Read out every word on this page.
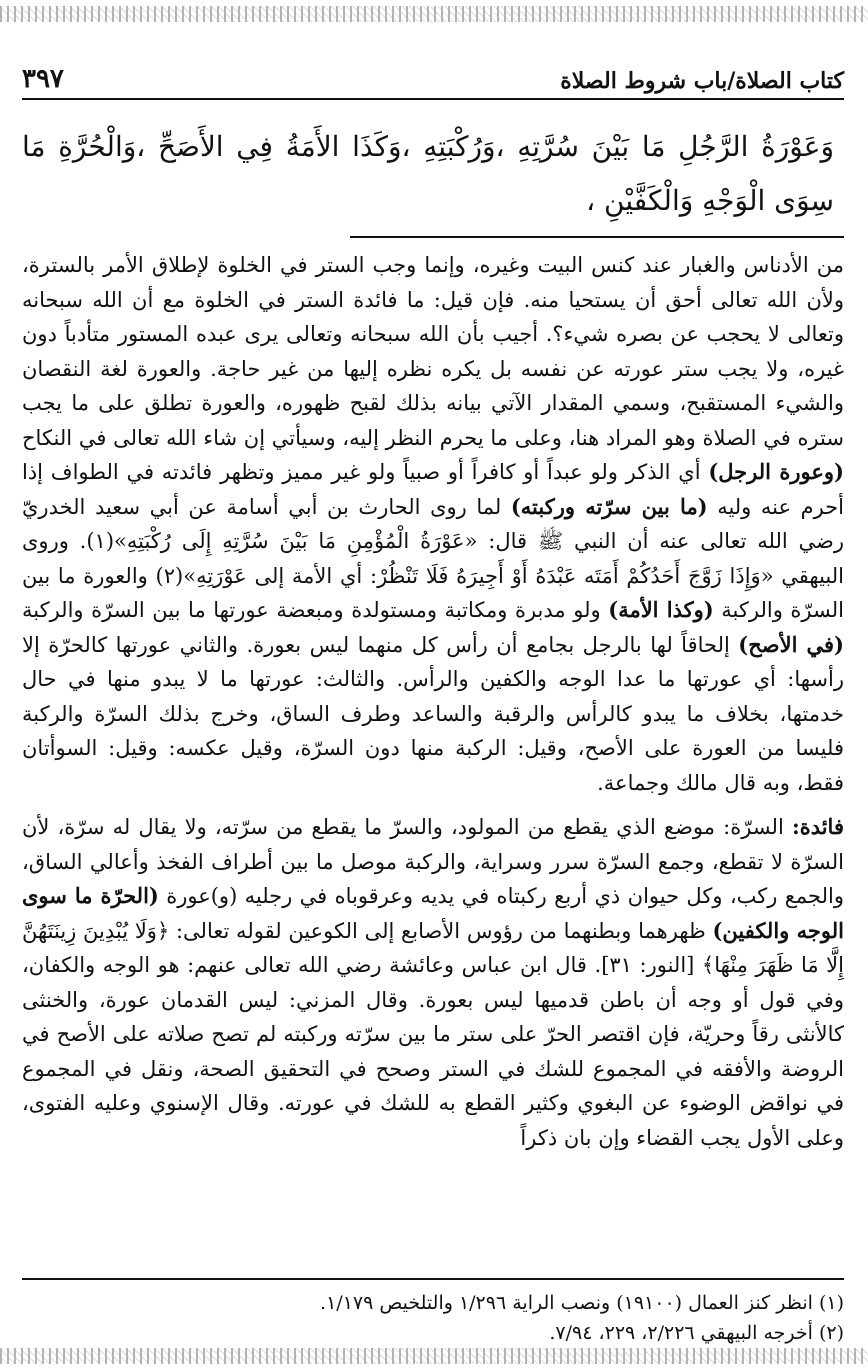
كتاب الصلاة/باب شروط الصلاة
٣٩٧
وَعَوْرَةُ الرَّجُلِ مَا بَيْنَ سُرَّتِهِ ،وَرُكْبَتِهِ ،وَكَذَا الأَمَةُ فِي الأَصَحِّ ،وَالْحُرَّةِ مَا سِوَى الْوَجْهِ وَالْكَفَّيْنِ ،

من الأدناس والغبار عند كنس البيت وغيره، وإنما وجب الستر في الخلوة لإطلاق الأمر بالسترة، ولأن الله تعالى أحق أن يستحيا منه. فإن قيل: ما فائدة الستر في الخلوة مع أن الله سبحانه وتعالى لا يحجب عن بصره شيء؟. أجيب بأن الله سبحانه وتعالى يرى عبده المستور متأدباً دون غيره، ولا يجب ستر عورته عن نفسه بل يكره نظره إليها من غير حاجة. والعورة لغة النقصان والشيء المستقبح، وسمي المقدار الآتي بيانه بذلك لقبح ظهوره، والعورة تطلق على ما يجب ستره في الصلاة وهو المراد هنا، وعلى ما يحرم النظر إليه، وسيأتي إن شاء الله تعالى في النكاح (وعورة الرجل) أي الذكر ولو عبداً أو كافراً أو صبياً ولو غير مميز وتظهر فائدته في الطواف إذا أحرم عنه وليه (ما بين سرّته وركبته) لما روى الحارث بن أبي أسامة عن أبي سعيد الخدريّ رضي الله تعالى عنه أن النبي ﷺ قال: «عَوْرَةُ الْمُؤْمِنِ مَا بَيْنَ سُرَّتِهِ إِلَى رُكْبَتِهِ»(١). وروى البيهقي «وَإِذَا زَوَّجَ أَحَدُكُمْ أَمَتَه عَبْدَهُ أَوْ أَجِيرَهُ فَلَا تَنْظُرْ: أي الأمة إلى عَوْرَتِهِ»(٢) والعورة ما بين السرّة والركبة (وكذا الأمة) ولو مدبرة ومكاتبة ومستولدة ومبعضة عورتها ما بين السرّة والركبة (في الأصح) إلحاقاً لها بالرجل بجامع أن رأس كل منهما ليس بعورة. والثاني عورتها كالحرّة إلا رأسها: أي عورتها ما عدا الوجه والكفين والرأس. والثالث: عورتها ما لا يبدو منها في حال خدمتها، بخلاف ما يبدو كالرأس والرقبة والساعد وطرف الساق، وخرج بذلك السرّة والركبة فليسا من العورة على الأصح، وقيل: الركبة منها دون السرّة، وقيل عكسه: وقيل: السوأتان فقط، وبه قال مالك وجماعة.

فائدة: السرّة: موضع الذي يقطع من المولود، والسرّ ما يقطع من سرّته، ولا يقال له سرّة، لأن السرّة لا تقطع، وجمع السرّة سرر وسراية، والركبة موصل ما بين أطراف الفخذ وأعالي الساق، والجمع ركب، وكل حيوان ذي أربع ركبتاه في يديه وعرقوباه في رجليه (و)عورة (الحرّة ما سوى الوجه والكفين) ظهرهما وبطنهما من رؤوس الأصابع إلى الكوعين لقوله تعالى: ﴿وَلَا يُبْدِينَ زِينَتَهُنَّ إِلَّا مَا ظَهَرَ مِنْهَا﴾ [النور: ٣١]. قال ابن عباس وعائشة رضي الله تعالى عنهم: هو الوجه والكفان، وفي قول أو وجه أن باطن قدميها ليس بعورة. وقال المزني: ليس القدمان عورة، والخنثى كالأنثى رقاً وحريّة، فإن اقتصر الحرّ على ستر ما بين سرّته وركبته لم تصح صلاته على الأصح في الروضة والأفقه في المجموع للشك في الستر وصحح في التحقيق الصحة، ونقل في المجموع في نواقض الوضوء عن البغوي وكثير القطع به للشك في عورته. وقال الإسنوي وعليه الفتوى، وعلى الأول يجب القضاء وإن بان ذكراً

(١) انظر كنز العمال (١٩١٠٠) ونصب الراية ١/٢٩٦ والتلخيص ١/١٧٩.

(٢) أخرجه البيهقي ٢/٢٢٦، ٢٢٩، ٧/٩٤.
